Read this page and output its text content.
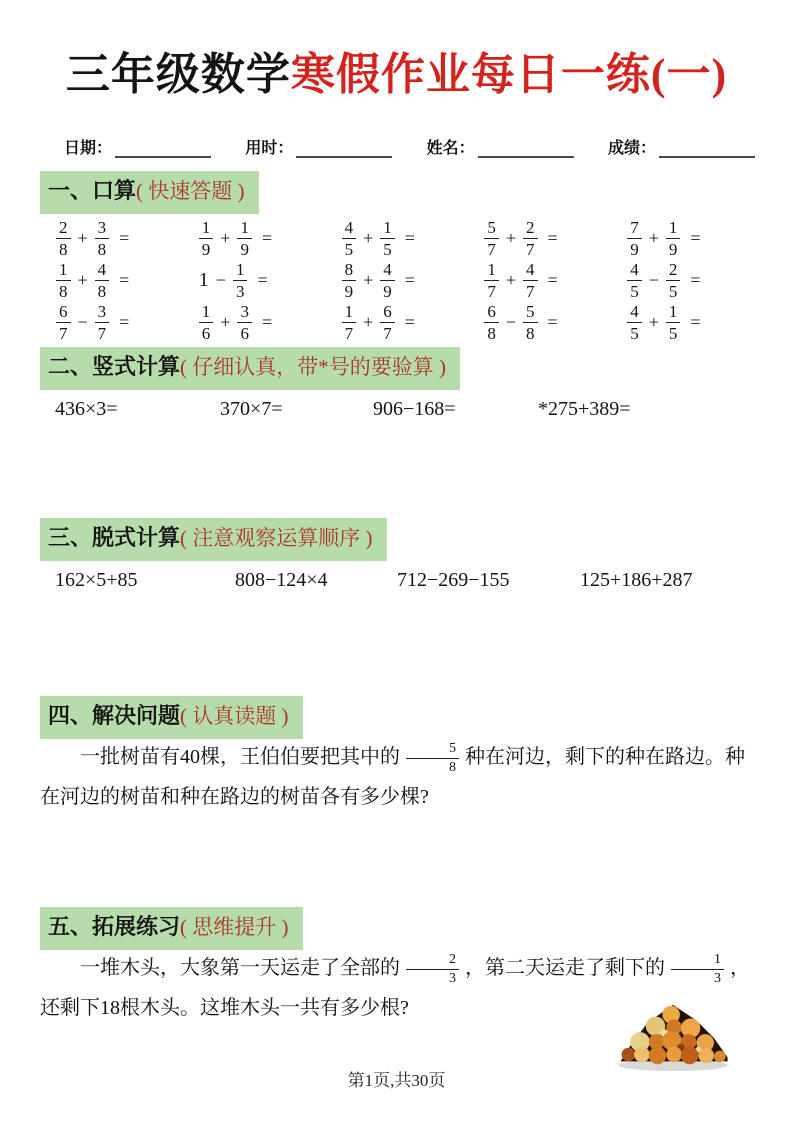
三年级数学寒假作业每日一练(一)
日期：	用时：	姓名：	成绩：
一、口算( 快速答题 )
$\frac{2}{8} + \frac{3}{8}$ =	$\frac{1}{9} + \frac{1}{9}$ =	$\frac{4}{5} + \frac{1}{5}$ =	$\frac{5}{7} + \frac{2}{7}$ =	$\frac{7}{9} + \frac{1}{9}$ =
$\frac{1}{8} + \frac{4}{8}$ =	$1 - \frac{1}{3}$ =	$\frac{8}{9} + \frac{4}{9}$ =	$\frac{1}{7} + \frac{4}{7}$ =	$\frac{4}{5} - \frac{2}{5}$ =
$\frac{6}{7} - \frac{3}{7}$ =	$\frac{1}{6} + \frac{3}{6}$ =	$\frac{1}{7} + \frac{6}{7}$ =	$\frac{6}{8} - \frac{5}{8}$ =	$\frac{4}{5} + \frac{1}{5}$ =
二、竖式计算( 仔细认真，带*号的要验算 )
436×3=	370×7=	906−168=	*275+389=
三、脱式计算( 注意观察运算顺序 )
162×5+85	808−124×4	712−269−155	125+186+287
四、解决问题( 认真读题 )
一批树苗有40棵，王伯伯要把其中的 $\frac{5}{8}$ 种在河边，剩下的种在路边。种在河边的树苗和种在路边的树苗各有多少棵?
五、拓展练习( 思维提升 )
一堆木头，大象第一天运走了全部的 $\frac{2}{3}$ ，第二天运走了剩下的 $\frac{1}{3}$ ，还剩下18根木头。这堆木头一共有多少根?
第1页,共30页
